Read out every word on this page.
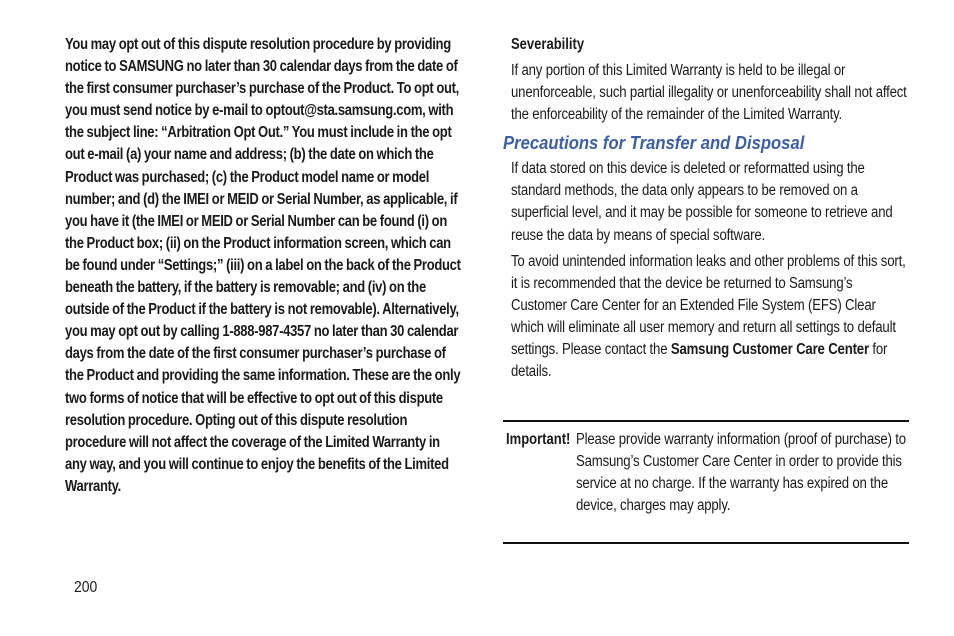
You may opt out of this dispute resolution procedure by providing notice to SAMSUNG no later than 30 calendar days from the date of the first consumer purchaser’s purchase of the Product. To opt out, you must send notice by e-mail to optout@sta.samsung.com, with the subject line: “Arbitration Opt Out.” You must include in the opt out e-mail (a) your name and address; (b) the date on which the Product was purchased; (c) the Product model name or model number; and (d) the IMEI or MEID or Serial Number, as applicable, if you have it (the IMEI or MEID or Serial Number can be found (i) on the Product box; (ii) on the Product information screen, which can be found under “Settings;” (iii) on a label on the back of the Product beneath the battery, if the battery is removable; and (iv) on the outside of the Product if the battery is not removable). Alternatively, you may opt out by calling 1-888-987-4357 no later than 30 calendar days from the date of the first consumer purchaser’s purchase of the Product and providing the same information. These are the only two forms of notice that will be effective to opt out of this dispute resolution procedure. Opting out of this dispute resolution procedure will not affect the coverage of the Limited Warranty in any way, and you will continue to enjoy the benefits of the Limited Warranty.

Severability

If any portion of this Limited Warranty is held to be illegal or unenforceable, such partial illegality or unenforceability shall not affect the enforceability of the remainder of the Limited Warranty.

Precautions for Transfer and Disposal

If data stored on this device is deleted or reformatted using the standard methods, the data only appears to be removed on a superficial level, and it may be possible for someone to retrieve and reuse the data by means of special software.

To avoid unintended information leaks and other problems of this sort, it is recommended that the device be returned to Samsung’s Customer Care Center for an Extended File System (EFS) Clear which will eliminate all user memory and return all settings to default settings. Please contact the Samsung Customer Care Center for details.

Important! Please provide warranty information (proof of purchase) to Samsung’s Customer Care Center in order to provide this service at no charge. If the warranty has expired on the device, charges may apply.
200
